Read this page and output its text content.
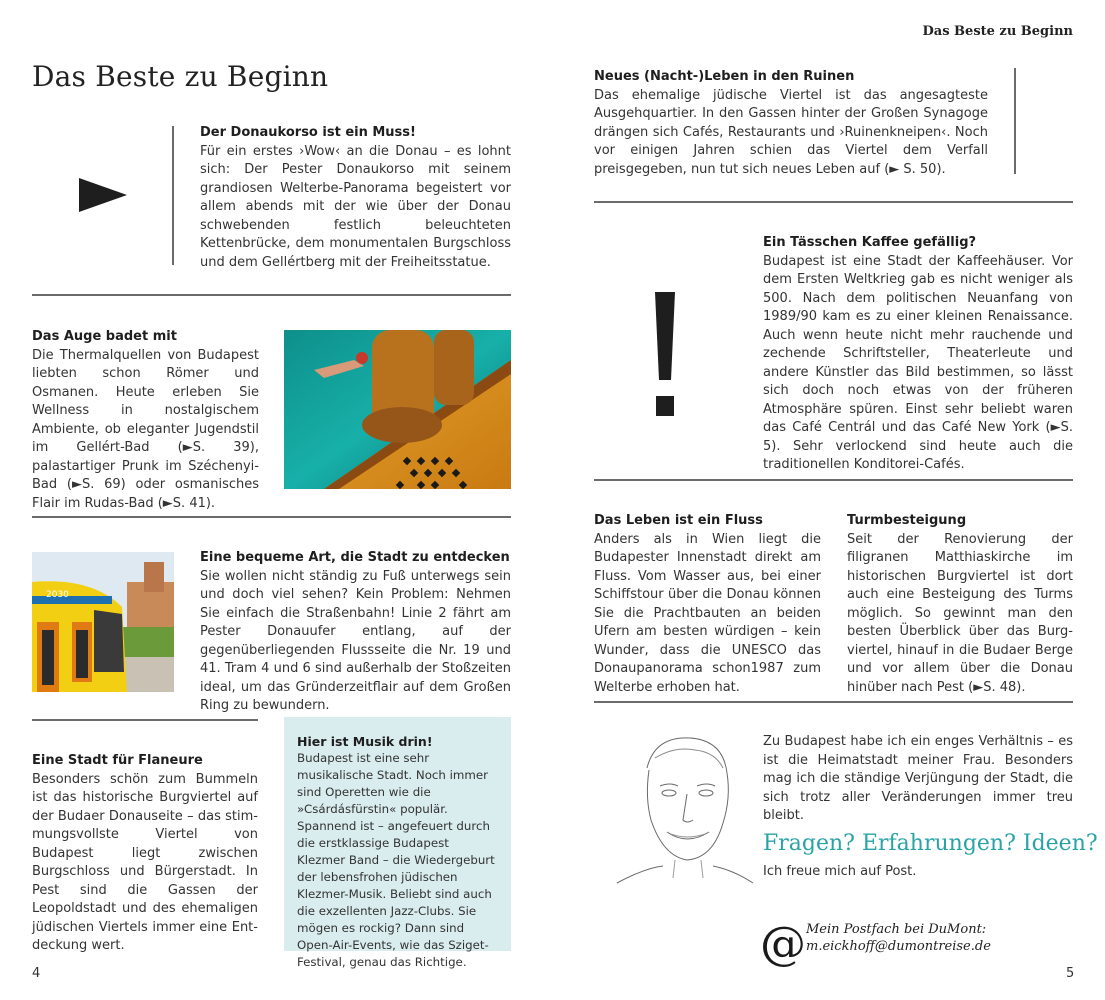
Das Beste zu Beginn
Der Donaukorso ist ein Muss!
Für ein erstes ›Wow‹ an die Donau – es lohnt sich: Der Pester Donaukorso mit seinem grandiosen Welterbe-Panorama begeistert vor allem abends mit der wie über der Donau schwebenden festlich beleuchteten Kettenbrücke, dem monumentalen Burgschloss und dem Gellértberg mit der Freiheitsstatue.
Das Auge badet mit
Die Thermalquellen von Budapest liebten schon Römer und Osmanen. Heute erleben Sie Wellness in nostalgischem Ambiente, ob eleganter Jugendstil im Gellért-Bad (►S. 39), palastartiger Prunk im Széchenyi-Bad (►S. 69) oder osmanisches Flair im Rudas-Bad (►S. 41).
2030
Eine bequeme Art, die Stadt zu entdecken
Sie wollen nicht ständig zu Fuß unterwegs sein und doch viel sehen? Kein Problem: Nehmen Sie einfach die Straßenbahn! Linie 2 fährt am Pester Donauufer entlang, auf der gegenüberliegenden Flussseite die Nr. 19 und 41. Tram 4 und 6 sind außerhalb der Stoßzeiten ideal, um das Gründerzeitflair auf dem Großen Ring zu bewundern.
Eine Stadt für Flaneure
Besonders schön zum Bummeln ist das historische Burgviertel auf der Budaer Donauseite – das stimmungsvollste Viertel von Budapest liegt zwischen Burgschloss und Bürgerstadt. In Pest sind die Gassen der Leopoldstadt und des ehemaligen jüdischen Viertels immer eine Entdeckung wert.
Hier ist Musik drin!
Budapest ist eine sehr musikalische Stadt. Noch immer sind Operetten wie die »Csárdásfürstin« populär. Spannend ist – angefeuert durch die erstklassige Budapest Klezmer Band – die Wiedergeburt der lebensfrohen jüdischen Klezmer-Musik. Beliebt sind auch die exzellenten Jazz-Clubs. Sie mögen es rockig? Dann sind Open-Air-Events, wie das Sziget-Festival, genau das Richtige.
4
Das Beste zu Beginn
Neues (Nacht-)Leben in den Ruinen
Das ehemalige jüdische Viertel ist das angesagteste Ausgehquartier. In den Gassen hinter der Großen Synagoge drängen sich Cafés, Restaurants und ›Ruinenkneipen‹. Noch vor einigen Jahren schien das Viertel dem Verfall preisgegeben, nun tut sich neues Leben auf (► S. 50).
Ein Tässchen Kaffee gefällig?
Budapest ist eine Stadt der Kaffeehäuser. Vor dem Ersten Weltkrieg gab es nicht weniger als 500. Nach dem politischen Neuanfang von 1989/90 kam es zu einer kleinen Renaissance. Auch wenn heute nicht mehr rauchende und zechende Schriftsteller, Theaterleute und andere Künstler das Bild bestimmen, so lässt sich doch noch etwas von der früheren Atmosphäre spüren. Einst sehr beliebt waren das Café Centrál und das Café New York (►S. 5). Sehr verlockend sind heute auch die traditionellen Konditorei-Cafés.
Das Leben ist ein Fluss
Anders als in Wien liegt die Budapester Innenstadt direkt am Fluss. Vom Wasser aus, bei einer Schiffstour über die Donau können Sie die Prachtbauten an beiden Ufern am besten würdigen – kein Wunder, dass die UNESCO das Donaupanorama schon1987 zum Welterbe erhoben hat.
Turmbesteigung
Seit der Renovierung der filigranen Matthiaskirche im historischen Burgviertel ist dort auch eine Besteigung des Turms möglich. So gewinnt man den besten Überblick über das Burgviertel, hinauf in die Budaer Berge und vor allem über die Donau hinüber nach Pest (►S. 48).
Zu Budapest habe ich ein enges Verhältnis – es ist die Heimatstadt meiner Frau. Besonders mag ich die ständige Verjüngung der Stadt, die sich trotz aller Veränderungen immer treu bleibt.
Fragen? Erfahrungen? Ideen?
Ich freue mich auf Post.
@ Mein Postfach bei DuMont:
m.eickhoff@dumontreise.de
5
